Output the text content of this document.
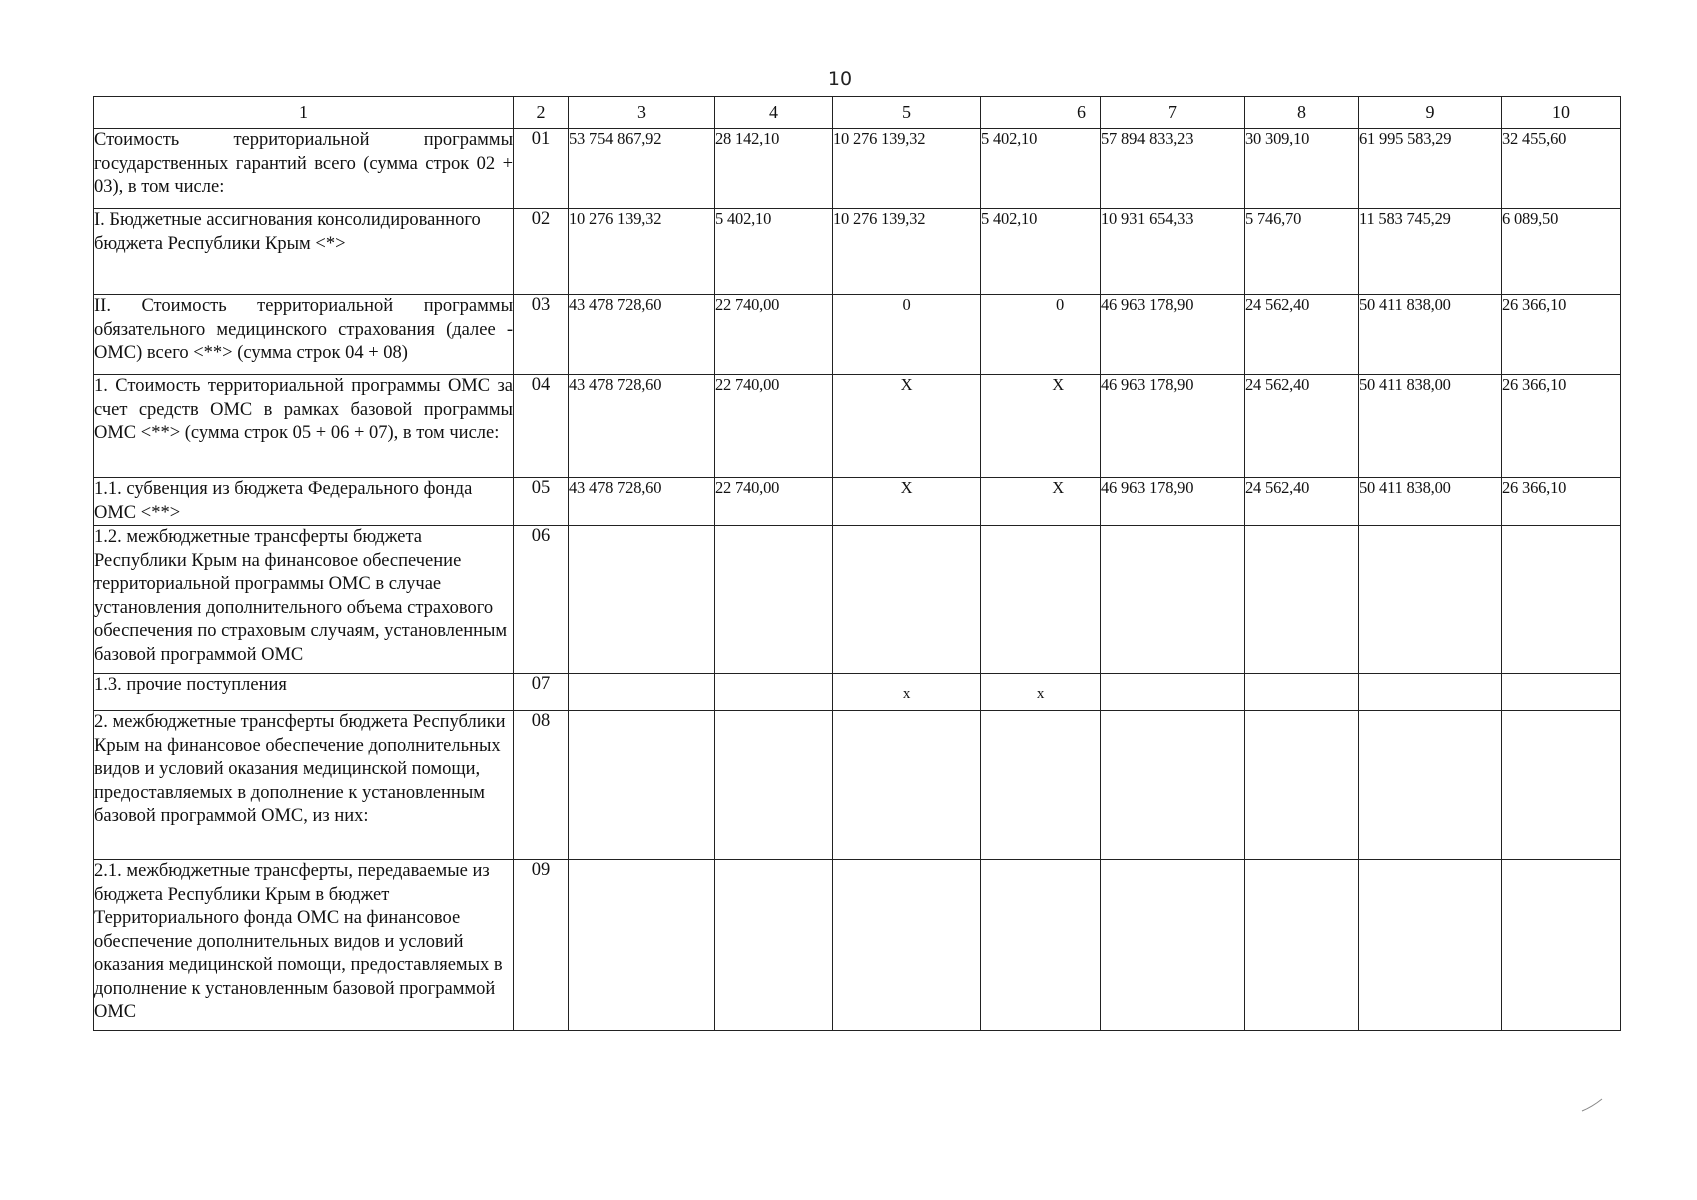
10
1	2	3	4	5	6	7	8	9	10
Стоимость территориальной программы государственных гарантий всего (сумма строк 02 + 03), в том числе:	01	53 754 867,92	28 142,10	10 276 139,32	5 402,10	57 894 833,23	30 309,10	61 995 583,29	32 455,60
I. Бюджетные ассигнования консолидированного бюджета Республики Крым <*>	02	10 276 139,32	5 402,10	10 276 139,32	5 402,10	10 931 654,33	5 746,70	11 583 745,29	6 089,50
II. Стоимость территориальной программы обязательного медицинского страхования (далее - ОМС) всего <**> (сумма строк 04 + 08)	03	43 478 728,60	22 740,00	0	0	46 963 178,90	24 562,40	50 411 838,00	26 366,10
1. Стоимость территориальной программы ОМС за счет средств ОМС в рамках базовой программы ОМС <**> (сумма строк 05 + 06 + 07), в том числе:	04	43 478 728,60	22 740,00	X	X	46 963 178,90	24 562,40	50 411 838,00	26 366,10
1.1. субвенция из бюджета Федерального фонда ОМС <**>	05	43 478 728,60	22 740,00	X	X	46 963 178,90	24 562,40	50 411 838,00	26 366,10
1.2. межбюджетные трансферты бюджета Республики Крым на финансовое обеспечение территориальной программы ОМС в случае установления дополнительного объема страхового обеспечения по страховым случаям, установленным базовой программой ОМС	06								
1.3. прочие поступления	07			x	x				
2. межбюджетные трансферты бюджета Республики Крым на финансовое обеспечение дополнительных видов и условий оказания медицинской помощи, предоставляемых в дополнение к установленным базовой программой ОМС, из них:	08								
2.1. межбюджетные трансферты, передаваемые из бюджета Республики Крым в бюджет Территориального фонда ОМС на финансовое обеспечение дополнительных видов и условий оказания медицинской помощи, предоставляемых в дополнение к установленным базовой программой ОМС	09								
